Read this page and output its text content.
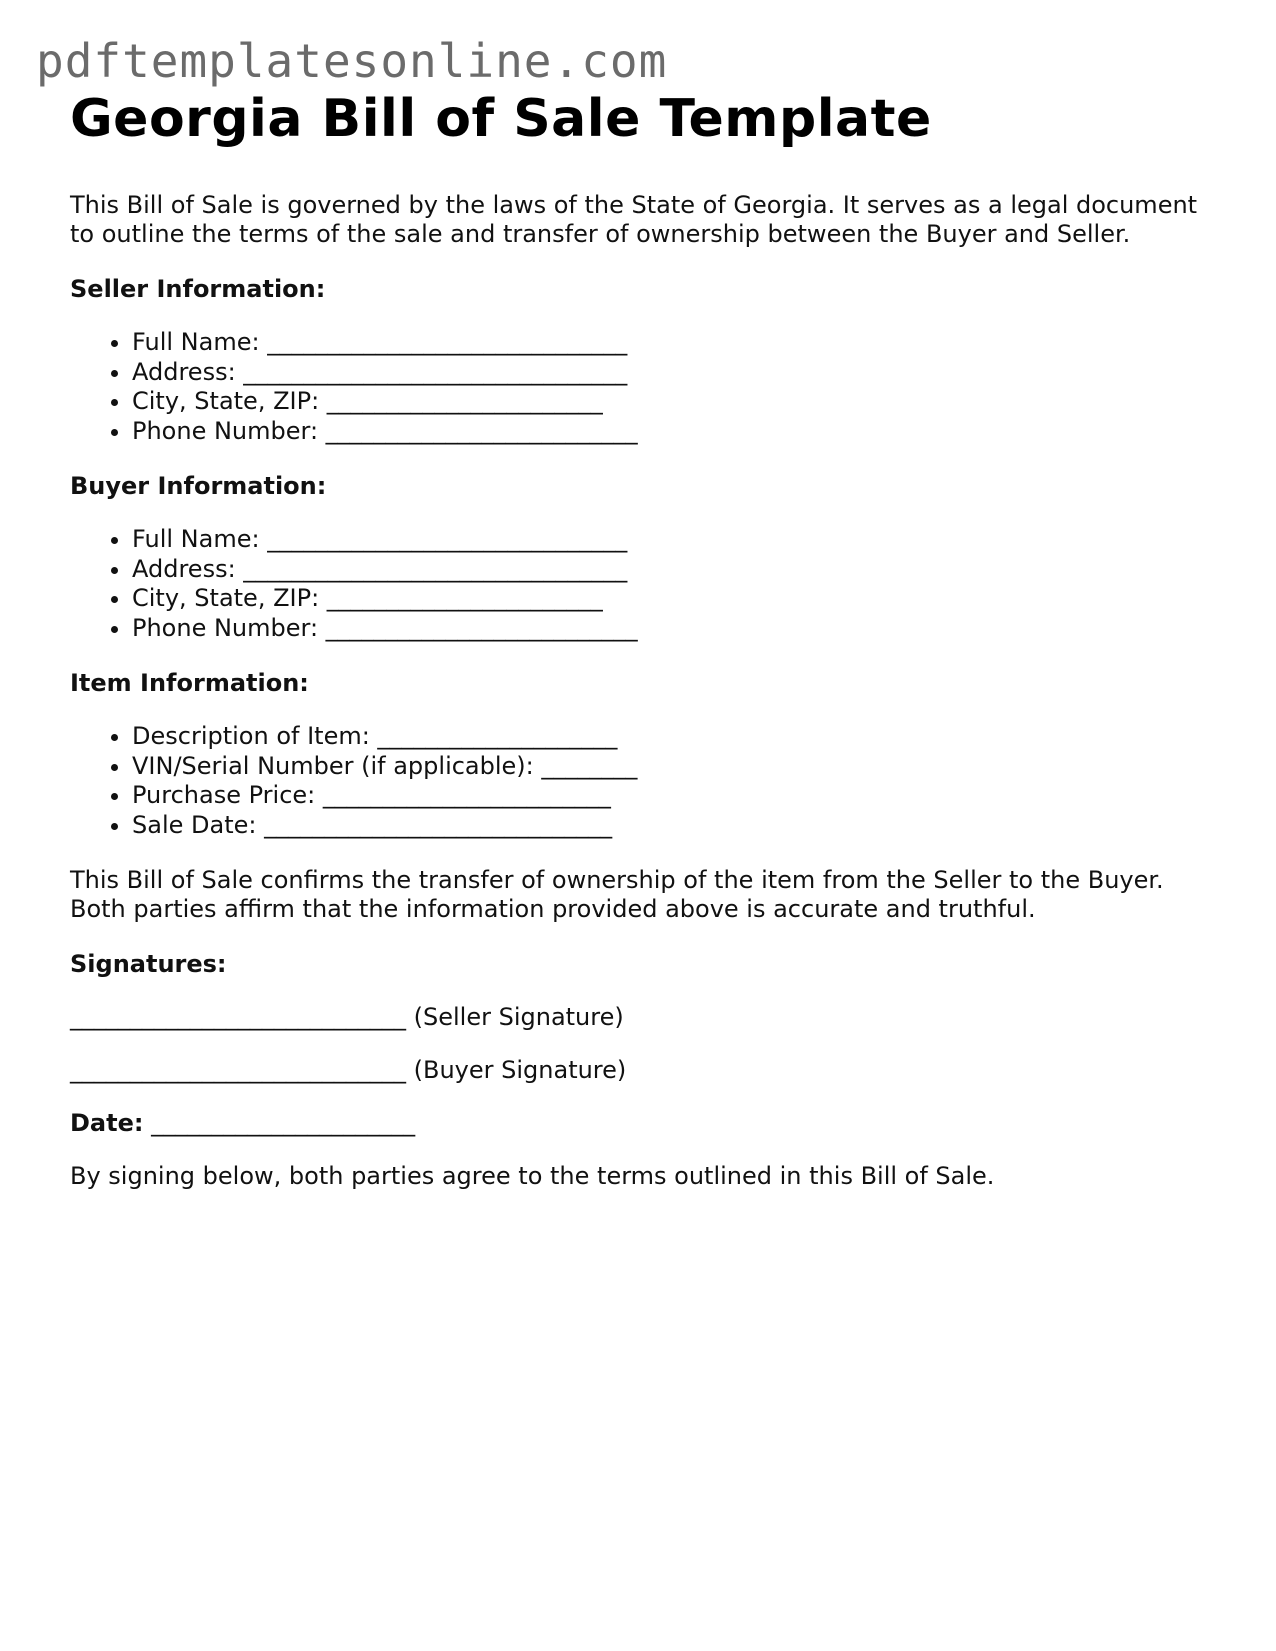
pdftemplatesonline.com
Georgia Bill of Sale Template

This Bill of Sale is governed by the laws of the State of Georgia. It serves as a legal document to outline the terms of the sale and transfer of ownership between the Buyer and Seller.

Seller Information:

• Full Name: ______________________________
• Address: ________________________________
• City, State, ZIP: _______________________
• Phone Number: __________________________

Buyer Information:

• Full Name: ______________________________
• Address: ________________________________
• City, State, ZIP: _______________________
• Phone Number: __________________________

Item Information:

• Description of Item: ____________________
• VIN/Serial Number (if applicable): ________
• Purchase Price: ________________________
• Sale Date: _____________________________

This Bill of Sale confirms the transfer of ownership of the item from the Seller to the Buyer. Both parties affirm that the information provided above is accurate and truthful.

Signatures:

____________________________ (Seller Signature)

____________________________ (Buyer Signature)

Date: ______________________

By signing below, both parties agree to the terms outlined in this Bill of Sale.
